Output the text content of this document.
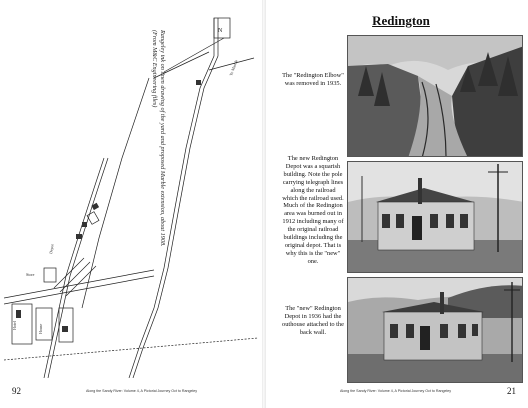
N
To Marble
Depot
Store
Hotel	House
Rangeley ink on linen drawing of the yard and proposed Marble extension, about 1908. (From M&C Engineering files)
92	Along the Sandy River: Volume 4, A Pictorial Journey Oct to Rangeley
Redington
The "Redington Elbow" was removed in 1935.
The new Redington Depot was a squarish building. Note the pole carrying telegraph lines along the railroad which the railroad used. Much of the Redington area was burned out in 1912 including many of the original railroad buildings including the original depot. That is why this is the "new" one.
The "new" Redington Depot in 1936 had the outhouse attached to the back wall.
21
Along the Sandy River: Volume 4, A Pictorial Journey Oct to Rangeley
